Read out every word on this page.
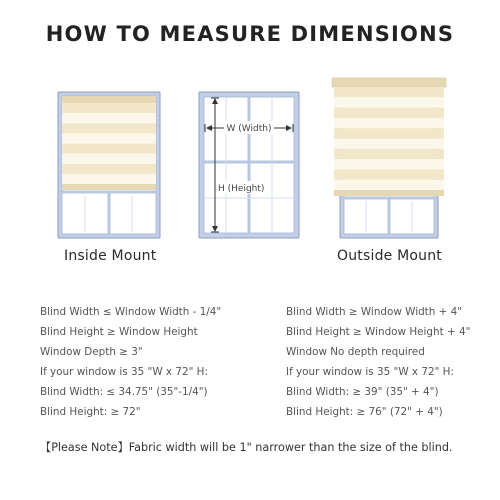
HOW TO MEASURE DIMENSIONS
W (Width)
H (Height)
Inside Mount	Outside Mount
Blind Width ≤ Window Width - 1/4"
Blind Height ≥ Window Height
Window Depth ≥ 3"
If your window is 35 "W x 72" H:
Blind Width: ≤ 34.75" (35"-1/4")
Blind Height: ≥ 72"
Blind Width ≥ Window Width + 4"
Blind Height ≥ Window Height + 4"
Window No depth required
If your window is 35 "W x 72" H:
Blind Width: ≥ 39" (35" + 4")
Blind Height: ≥ 76" (72" + 4")
【Please Note】Fabric width will be 1" narrower than the size of the blind.
